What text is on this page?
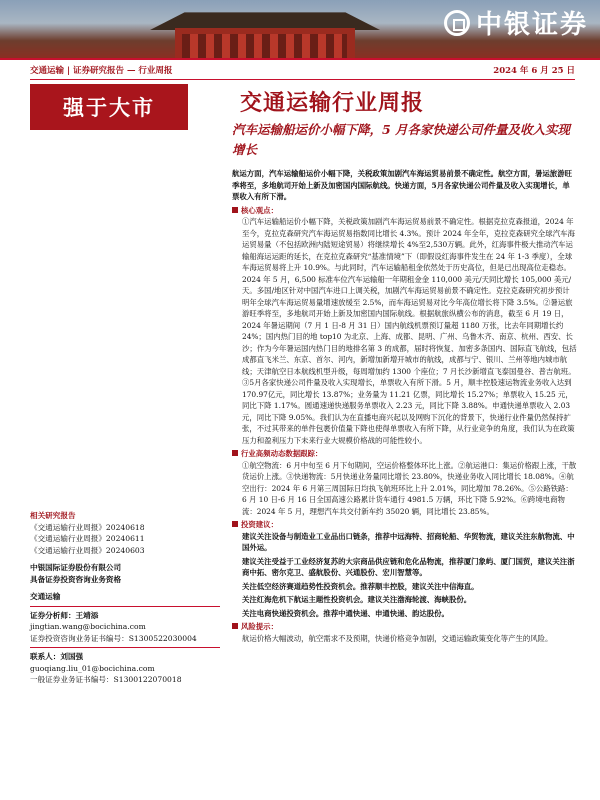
中银证券
交通运输 | 证券研究报告 — 行业周报	2024 年 6 月 25 日
强于大市	交通运输行业周报
汽车运输船运价小幅下降，5 月各家快递公司件量及收入实现增长

航运方面，汽车运输船运价小幅下降，关税政策加剧汽车海运贸易前景不确定性。航空方面，暑运旅游旺季将至，多地航司开始上新及加密国内国际航线。快递方面，5月各家快递公司件量及收入实现增长，单票收入有所下滑。

核心观点：

①汽车运输船运价小幅下降，关税政策加剧汽车海运贸易前景不确定性。根据克拉克森报道，2024 年至今，克拉克森研究汽车海运贸易指数同比增长 4.3%。预计 2024 年全年，克拉克森研究全球汽车海运贸易量（不包括欧洲内陆短途贸易）将继续增长 4%至2,530万辆。此外，红海事件极大推动汽车运输船海运运距的延长，在克拉克森研究“基准情境”下（即假设红海事件发生在 24 年 1-3 季度），全球车海运贸易将上升 10.9%。与此同时，汽车运输船租金依然处于历史高位，但是已出现高位走稳态。2024 年 5 月，6,500 标准车位汽车运输船一年期租金金 110,000 美元/天同比增长 105,000 美元/天。多国/地区针对中国汽车进口上调关税，加剧汽车海运贸易前景不确定性。克拉克森研究初步预计明年全球汽车海运贸易量增速放缓至 2.5%，而车海运贸易对比今年高位增长将下降 3.5%。②暑运旅游旺季将至，多地航司开始上新及加密国内国际航线。根据航旅纵横公布的消息，截至 6 月 19 日，2024 年暑运期间（7 月 1 日-8 月 31 日）国内航线机票预订量超 1180 万张，比去年同期增长约 24%；国内热门目的地 top10 为北京、上海、成都、昆明、广州、乌鲁木齐、南京、杭州、西安、长沙；作为今年暑运国内热门目的地排名第 3 的成都，届时将恢复、加密多条国内、国际直飞航线，包括成都直飞米兰、东京、首尔、河内，新增加新增开城市的航线，成都与宁、银川、兰州等地内城市航线；天津航空日本航线机型升级，每周增加约 1300 个座位；7 月长沙新增直飞泰国曼谷、普吉航班。③5月各家快递公司件量及收入实现增长，单票收入有所下滑。5 月，顺丰控股速运物流业务收入达到 170.97亿元，同比增长 13.87%；业务量为 11.21 亿票，同比增长 15.27%；单票收入 15.25 元，同比下降 1.17%。圆通速递快递服务单票收入 2.23 元，同比下降 3.88%。申通快递单票收入 2.03 元，同比下降 9.05%。我们认为在直播电商兴起以及网购下沉化的背景下，快递行业件量仍然保持扩张，不过其带来的单件包裹价值量下降也使得单票收入有所下降，从行业竞争的角度，我们认为在政策压力和盈利压力下未来行业大规模价格战的可能性较小。

行业高频动态数据跟踪：

①航空物流：6 月中旬至 6 月下旬期间，空运价格整体环比上涨。②航运港口：集运价格跟上涨，干散货运价上涨。③快递物流：5月快递业务量同比增长 23.80%，快递业务收入同比增长 18.08%。④航空出行：2024 年 6 月第三周国际日均执飞航班环比上升 2.01%，同比增加 78.26%。⑤公路铁路：6 月 10 日-6 月 16 日全国高速公路累计货车通行 4981.5 万辆，环比下降 5.92%。⑥跨境电商物流：2024 年 5 月，理想汽车共交付新车约 35020 辆，同比增长 23.85%。

投资建议：

建议关注设备与制造业工业品出口链条，推荐中远海特、招商轮船、华贸物流，建议关注东航物流、中国外运。

建议关注受益于工业经济复苏的大宗商品供应链和危化品物流，推荐厦门象屿、厦门国贸，建议关注浙商中拓、密尔克卫、盛航股份、兴通股份、宏川智慧等。

关注低空经济赛道趋势性投资机会。推荐顺丰控股，建议关注中信海直。

关注红海危机下航运主题性投资机会。建议关注渤海轮渡、海峡股份。

关注电商快递投资机会。推荐中通快递、申通快递、韵达股份。

风险提示：

航运价格大幅波动，航空需求不及预期，快递价格竞争加剧，交通运输政策变化等产生的风险。

相关研究报告
《交通运输行业周报》20240618
《交通运输行业周报》20240611
《交通运输行业周报》20240603
中银国际证券股份有限公司
具备证券投资咨询业务资格
交通运输
证券分析师：王靖添
jingtian.wang@bocichina.com
证券投资咨询业务证书编号：S1300522030004
联系人：刘国强
guoqiang.liu_01@bocichina.com
一般证券业务证书编号：S1300122070018
